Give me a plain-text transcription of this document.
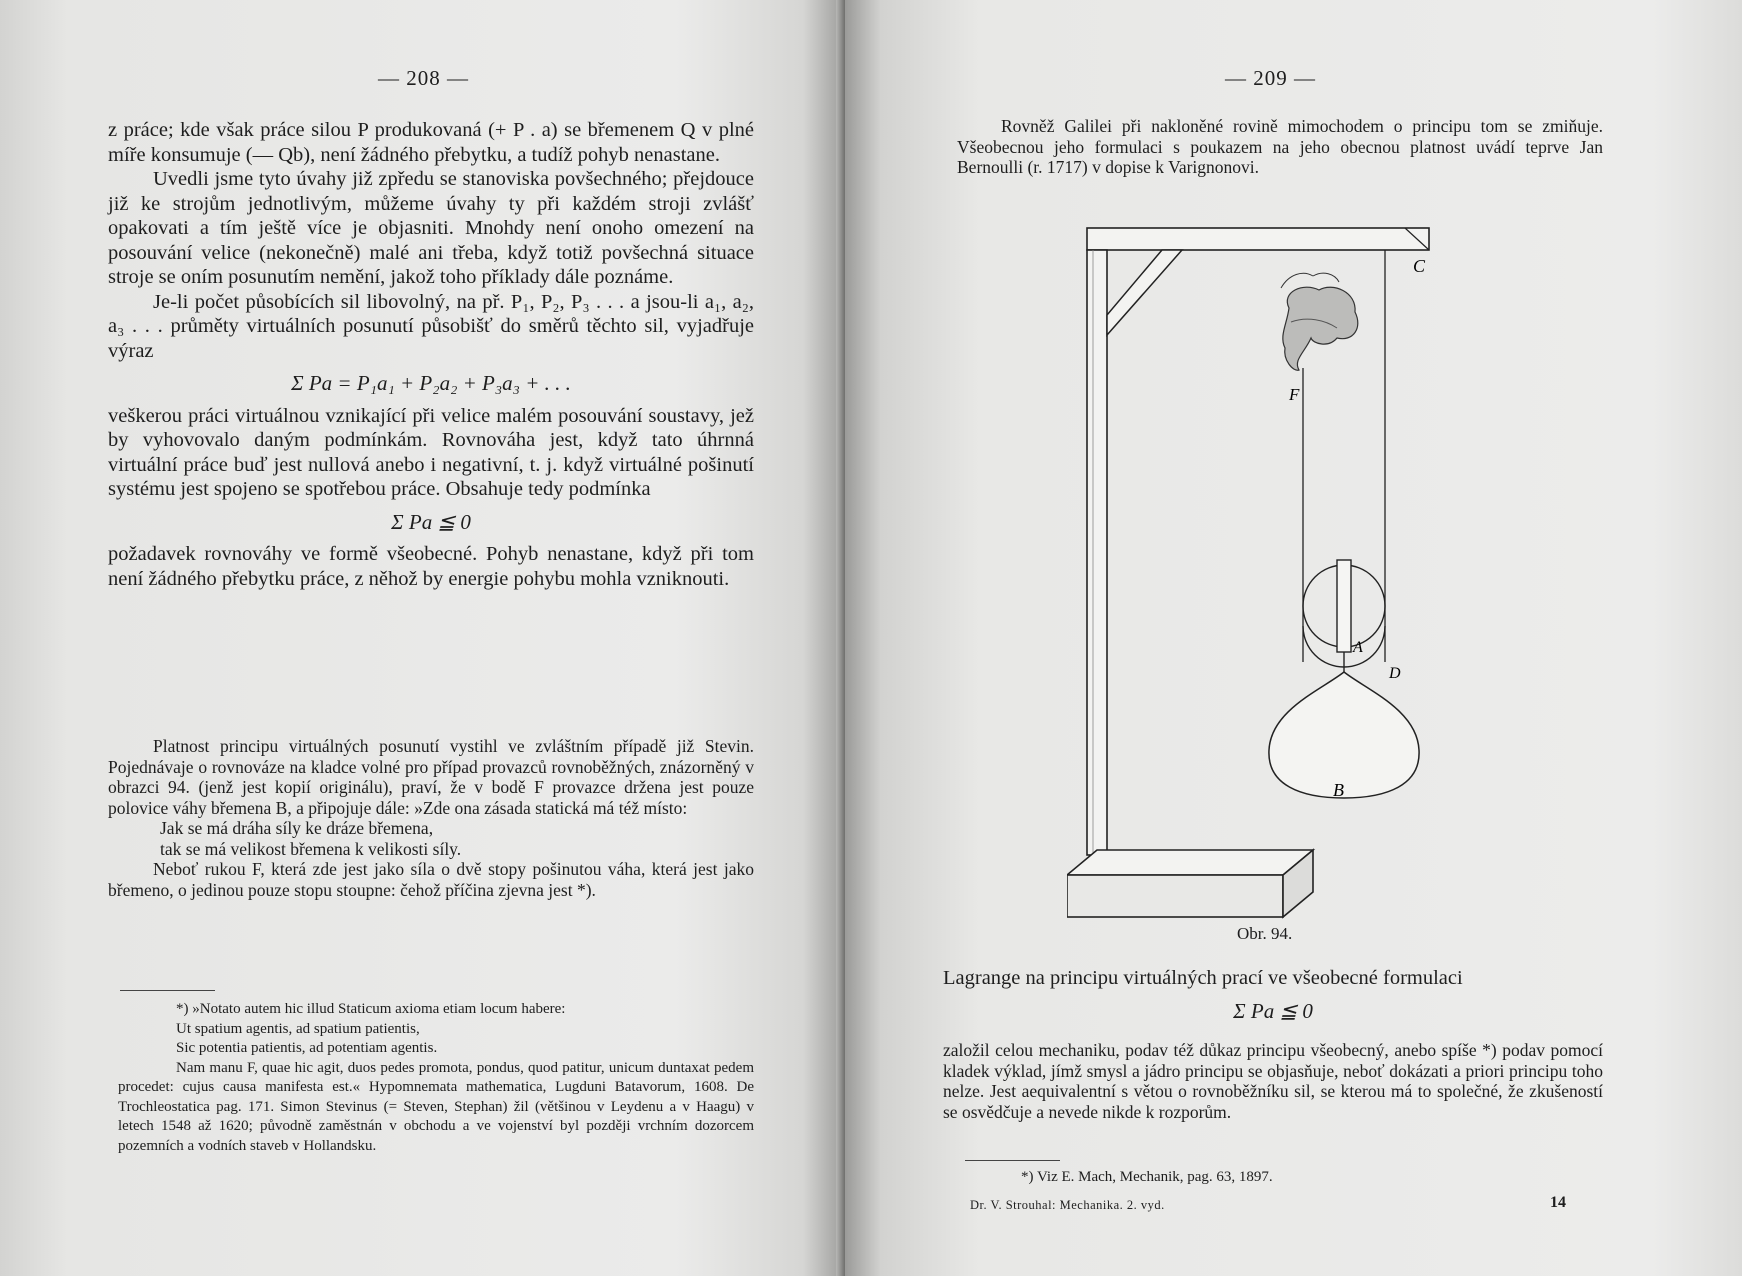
— 208 —

z práce; kde však práce silou P produkovaná (+ P . a) se břemenem Q v plné míře konsumuje (— Qb), není žádného přebytku, a tudíž pohyb nenastane.

Uvedli jsme tyto úvahy již zpředu se stanoviska povšechného; přejdouce již ke strojům jednotlivým, můžeme úvahy ty při každém stroji zvlášť opakovati a tím ještě více je objasniti. Mnohdy není onoho omezení na posouvání velice (nekonečně) malé ani třeba, když totiž povšechná situace stroje se oním posunutím nemění, jakož toho příklady dále poznáme.

Je-li počet působících sil libovolný, na př. P₁, P₂, P₃ . . . a jsou-li a₁, a₂, a₃ . . . průměty virtuálních posunutí působišť do směrů těchto sil, vyjadřuje výraz

Σ Pa = P₁a₁ + P₂a₂ + P₃a₃ + . . .

veškerou práci virtuálnou vznikající při velice malém posouvání soustavy, jež by vyhovovalo daným podmínkám. Rovnováha jest, když tato úhrnná virtuální práce buď jest nullová anebo i negativní, t. j. když virtuálné pošinutí systému jest spojeno se spotřebou práce. Obsahuje tedy podmínka

Σ Pa ≦ 0

požadavek rovnováhy ve formě všeobecné. Pohyb nenastane, když při tom není žádného přebytku práce, z něhož by energie pohybu mohla vzniknouti.

Platnost principu virtuálných posunutí vystihl ve zvláštním případě již Stevin. Pojednávaje o rovnováze na kladce volné pro případ provazců rovnoběžných, znázorněný v obrazci 94. (jenž jest kopií originálu), praví, že v bodě F provazce držena jest pouze polovice váhy břemena B, a připojuje dále: »Zde ona zásada statická má též místo:

Jak se má dráha síly ke dráze břemena,

tak se má velikost břemena k velikosti síly.

Neboť rukou F, která zde jest jako síla o dvě stopy pošinutou váha, která jest jako břemeno, o jedinou pouze stopu stoupne: čehož příčina zjevna jest *).

*) »Notato autem hic illud Staticum axioma etiam locum habere:

Ut spatium agentis, ad spatium patientis,

Sic potentia patientis, ad potentiam agentis.

Nam manu F, quae hic agit, duos pedes promota, pondus, quod patitur, unicum duntaxat pedem procedet: cujus causa manifesta est.« Hypomnemata mathematica, Lugduni Batavorum, 1608. De Trochleostatica pag. 171. Simon Stevinus (= Steven, Stephan) žil (většinou v Leydenu a v Haagu) v letech 1548 až 1620; původně zaměstnán v obchodu a ve vojenství byl později vrchním dozorcem pozemních a vodních staveb v Hollandsku.

— 209 —
Rovněž Galilei při nakloněné rovině mimochodem o principu tom se zmiňuje. Všeobecnou jeho formulaci s poukazem na jeho obecnou platnost uvádí teprve Jan Bernoulli (r. 1717) v dopise k Varignonovi.
C
F
A
D
B
Obr. 94.

Lagrange na principu virtuálných prací ve všeobecné formulaci

Σ Pa ≦ 0
založil celou mechaniku, podav též důkaz principu všeobecný, anebo spíše *) podav pomocí kladek výklad, jímž smysl a jádro principu se objasňuje, neboť dokázati a priori principu toho nelze. Jest aequivalentní s větou o rovnoběžníku sil, se kterou má to společné, že zkušeností se osvědčuje a nevede nikde k rozporům.
*) Viz E. Mach, Mechanik, pag. 63, 1897.
Dr. V. Strouhal: Mechanika. 2. vyd.	14
